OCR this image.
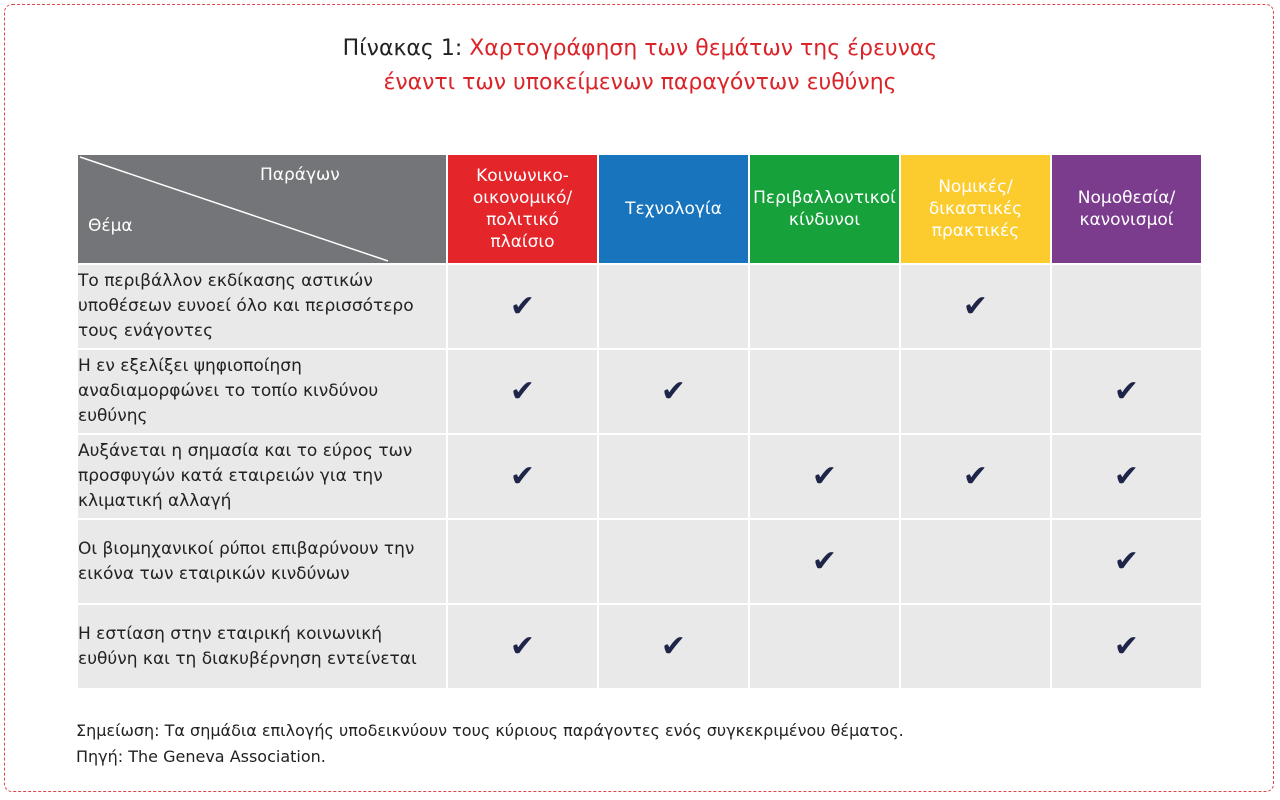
Πίνακας 1: Χαρτογράφηση των θεμάτων της έρευνας
έναντι των υποκείμενων παραγόντων ευθύνης
Παράγων
Θέμα	Κοινωνικο- οικονομικό/ πολιτικό πλαίσιο	Τεχνολογία	Περιβαλλοντικοί κίνδυνοι	Νομικές/ δικαστικές πρακτικές	Νομοθεσία/ κανονισμοί
Το περιβάλλον εκδίκασης αστικών υποθέσεων ευνοεί όλο και περισσότερο τους ενάγοντες	✔			✔	
Η εν εξελίξει ψηφιοποίηση αναδιαμορφώνει το τοπίο κινδύνου ευθύνης	✔	✔			✔
Αυξάνεται η σημασία και το εύρος των προσφυγών κατά εταιρειών για την κλιματική αλλαγή	✔		✔	✔	✔
Οι βιομηχανικοί ρύποι επιβαρύνουν την εικόνα των εταιρικών κινδύνων			✔		✔
Η εστίαση στην εταιρική κοινωνική ευθύνη και τη διακυβέρνηση εντείνεται	✔	✔			✔
Σημείωση: Τα σημάδια επιλογής υποδεικνύουν τους κύριους παράγοντες ενός συγκεκριμένου θέματος.
Πηγή: The Geneva Association.
